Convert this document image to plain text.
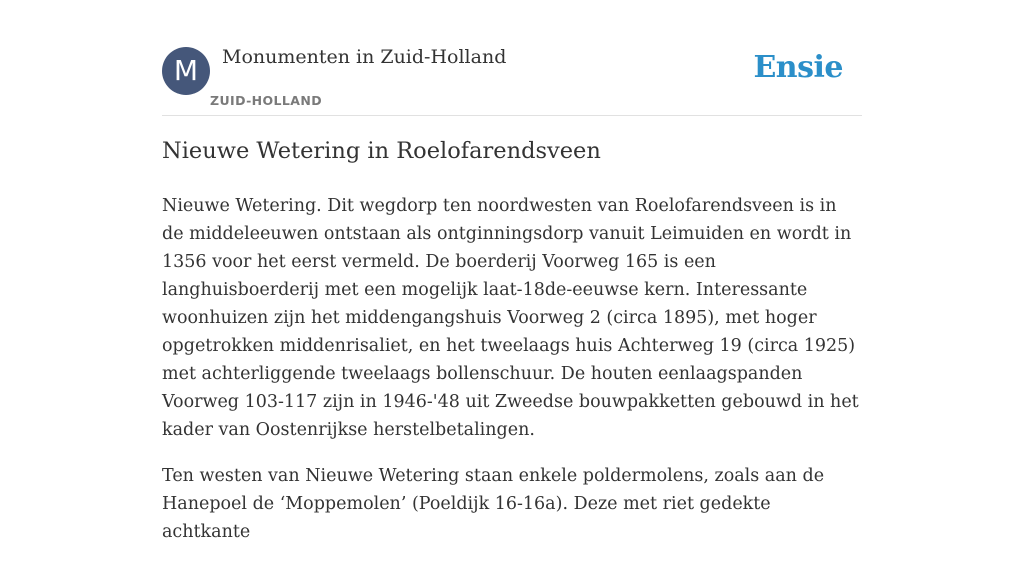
M	Monumenten in Zuid-Holland
ZUID-HOLLAND
Ensie
Nieuwe Wetering in Roelofarendsveen

Nieuwe Wetering. Dit wegdorp ten noordwesten van Roelofarendsveen is in de middeleeuwen ontstaan als ontginningsdorp vanuit Leimuiden en wordt in 1356 voor het eerst vermeld. De boerderij Voorweg 165 is een langhuisboerderij met een mogelijk laat-18de-eeuwse kern. Interessante woonhuizen zijn het middengangshuis Voorweg 2 (circa 1895), met hoger opgetrokken middenrisaliet, en het tweelaags huis Achterweg 19 (circa 1925) met achterliggende tweelaags bollenschuur. De houten eenlaagspanden Voorweg 103-117 zijn in 1946-'48 uit Zweedse bouwpakketten gebouwd in het kader van Oostenrijkse herstelbetalingen.

Ten westen van Nieuwe Wetering staan enkele poldermolens, zoals aan de Hanepoel de ‘Moppemolen’ (Poeldijk 16-16a). Deze met riet gedekte achtkante
